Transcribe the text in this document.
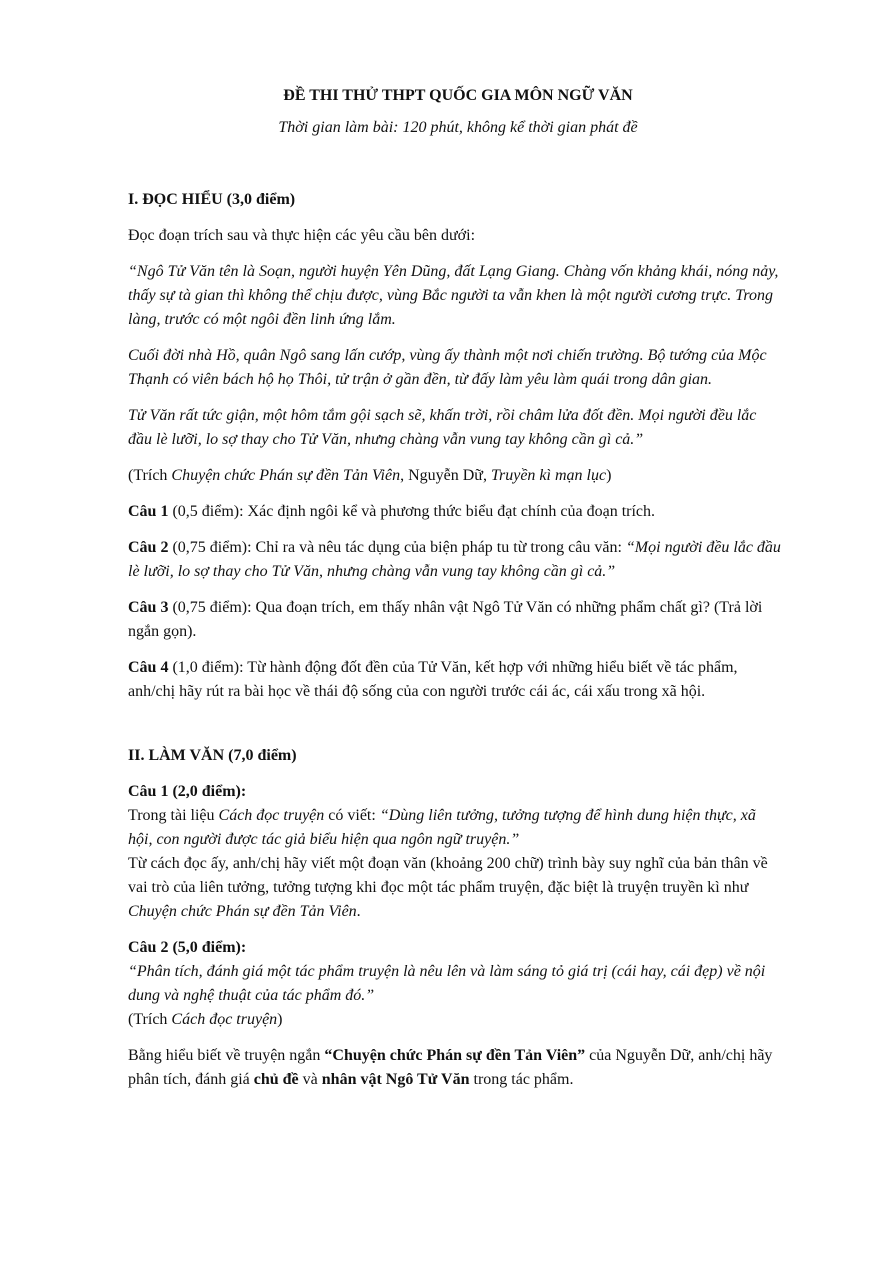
ĐỀ THI THỬ THPT QUỐC GIA MÔN NGỮ VĂN

Thời gian làm bài: 120 phút, không kể thời gian phát đề

I. ĐỌC HIỂU (3,0 điểm)

Đọc đoạn trích sau và thực hiện các yêu cầu bên dưới:

“Ngô Tử Văn tên là Soạn, người huyện Yên Dũng, đất Lạng Giang. Chàng vốn khảng khái, nóng nảy, thấy sự tà gian thì không thể chịu được, vùng Bắc người ta vẫn khen là một người cương trực. Trong làng, trước có một ngôi đền linh ứng lắm.

Cuối đời nhà Hồ, quân Ngô sang lấn cướp, vùng ấy thành một nơi chiến trường. Bộ tướng của Mộc Thạnh có viên bách hộ họ Thôi, tử trận ở gần đền, từ đấy làm yêu làm quái trong dân gian.

Tử Văn rất tức giận, một hôm tắm gội sạch sẽ, khấn trời, rồi châm lửa đốt đền. Mọi người đều lắc đầu lè lưỡi, lo sợ thay cho Tử Văn, nhưng chàng vẫn vung tay không cần gì cả.”

(Trích Chuyện chức Phán sự đền Tản Viên, Nguyễn Dữ, Truyền kì mạn lục)

Câu 1 (0,5 điểm): Xác định ngôi kể và phương thức biểu đạt chính của đoạn trích.

Câu 2 (0,75 điểm): Chỉ ra và nêu tác dụng của biện pháp tu từ trong câu văn: “Mọi người đều lắc đầu lè lưỡi, lo sợ thay cho Tử Văn, nhưng chàng vẫn vung tay không cần gì cả.”

Câu 3 (0,75 điểm): Qua đoạn trích, em thấy nhân vật Ngô Tử Văn có những phẩm chất gì? (Trả lời ngắn gọn).

Câu 4 (1,0 điểm): Từ hành động đốt đền của Tử Văn, kết hợp với những hiểu biết về tác phẩm, anh/chị hãy rút ra bài học về thái độ sống của con người trước cái ác, cái xấu trong xã hội.

II. LÀM VĂN (7,0 điểm)

Câu 1 (2,0 điểm):

Trong tài liệu Cách đọc truyện có viết: “Dùng liên tưởng, tưởng tượng để hình dung hiện thực, xã hội, con người được tác giả biểu hiện qua ngôn ngữ truyện.”

Từ cách đọc ấy, anh/chị hãy viết một đoạn văn (khoảng 200 chữ) trình bày suy nghĩ của bản thân về vai trò của liên tưởng, tưởng tượng khi đọc một tác phẩm truyện, đặc biệt là truyện truyền kì như Chuyện chức Phán sự đền Tản Viên.

Câu 2 (5,0 điểm):

“Phân tích, đánh giá một tác phẩm truyện là nêu lên và làm sáng tỏ giá trị (cái hay, cái đẹp) về nội dung và nghệ thuật của tác phẩm đó.”

(Trích Cách đọc truyện)

Bằng hiểu biết về truyện ngắn “Chuyện chức Phán sự đền Tản Viên” của Nguyễn Dữ, anh/chị hãy phân tích, đánh giá chủ đề và nhân vật Ngô Tử Văn trong tác phẩm.
